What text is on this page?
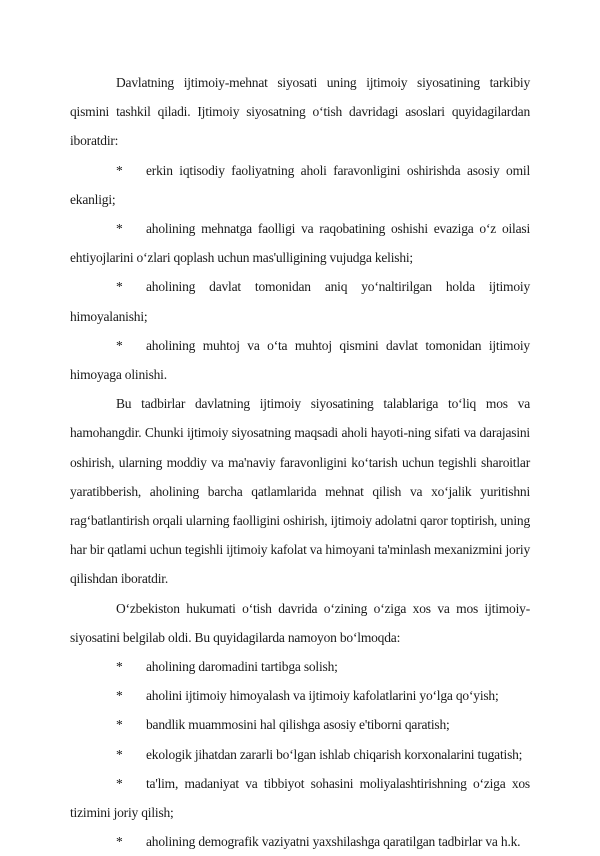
Davlatning ijtimoiy-mehnat siyosati uning ijtimoiy siyosatining tarkibiy qismini tashkil qiladi. Ijtimoiy siyosatning o‘tish davridagi asoslari quyidagilardan iboratdir:

* erkin iqtisodiy faoliyatning aholi faravonligini oshirishda asosiy omil ekanligi;

* aholining mehnatga faolligi va raqobatining oshishi evaziga o‘z oilasi ehtiyojlarini o‘zlari qoplash uchun mas'ulligining vujudga kelishi;

* aholining davlat tomonidan aniq yo‘naltirilgan holda ijtimoiy himoyalanishi;

* aholining muhtoj va o‘ta muhtoj qismini davlat tomonidan ijtimoiy himoyaga olinishi.

Bu tadbirlar davlatning ijtimoiy siyosatining talablariga to‘liq mos va hamohangdir. Chunki ijtimoiy siyosatning maqsadi aholi hayoti-ning sifati va darajasini oshirish, ularning moddiy va ma'naviy faravonligini ko‘tarish uchun tegishli sharoitlar yaratibberish, aholining barcha qatlamlarida mehnat qilish va xo‘jalik yuritishni rag‘batlantirish orqali ularning faolligini oshirish, ijtimoiy adolatni qaror toptirish, uning har bir qatlami uchun tegishli ijtimoiy kafolat va himoyani ta'minlash mexanizmini joriy qilishdan iboratdir.

O‘zbekiston hukumati o‘tish davrida o‘zining o‘ziga xos va mos ijtimoiy-siyosatini belgilab oldi. Bu quyidagilarda namoyon bo‘lmoqda:

* aholining daromadini tartibga solish;

* aholini ijtimoiy himoyalash va ijtimoiy kafolatlarini yo‘lga qo‘yish;

* bandlik muammosini hal qilishga asosiy e'tiborni qaratish;

* ekologik jihatdan zararli bo‘lgan ishlab chiqarish korxonalarini tugatish;

* ta'lim, madaniyat va tibbiyot sohasini moliyalashtirishning o‘ziga xos tizimini joriy qilish;

* aholining demografik vaziyatni yaxshilashga qaratilgan tadbirlar va h.k.
